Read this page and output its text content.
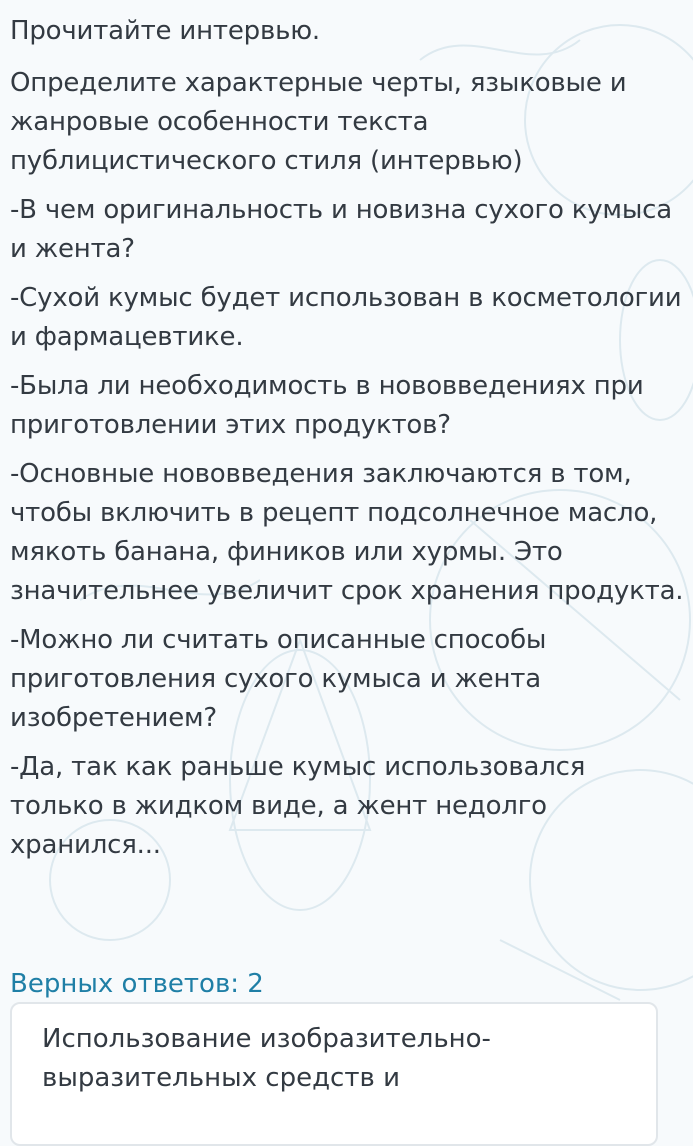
Прочитайте интервью.
Определите характерные черты, языковые и жанровые особенности текста публицистического стиля (интервью)
-В чем оригинальность и новизна сухого кумыса и жента?
-Сухой кумыс будет использован в косметологии и фармацевтике.
-Была ли необходимость в нововведениях при приготовлении этих продуктов?
-Основные нововведения заключаются в том, чтобы включить в рецепт подсолнечное масло, мякоть банана, фиников или хурмы. Это значительнее увеличит срок хранения продукта.
-Можно ли считать описанные способы приготовления сухого кумыса и жента изобретением?
-Да, так как раньше кумыс использовался только в жидком виде, а жент недолго хранился...
Верных ответов: 2
Использование изобразительно-выразительных средств и
